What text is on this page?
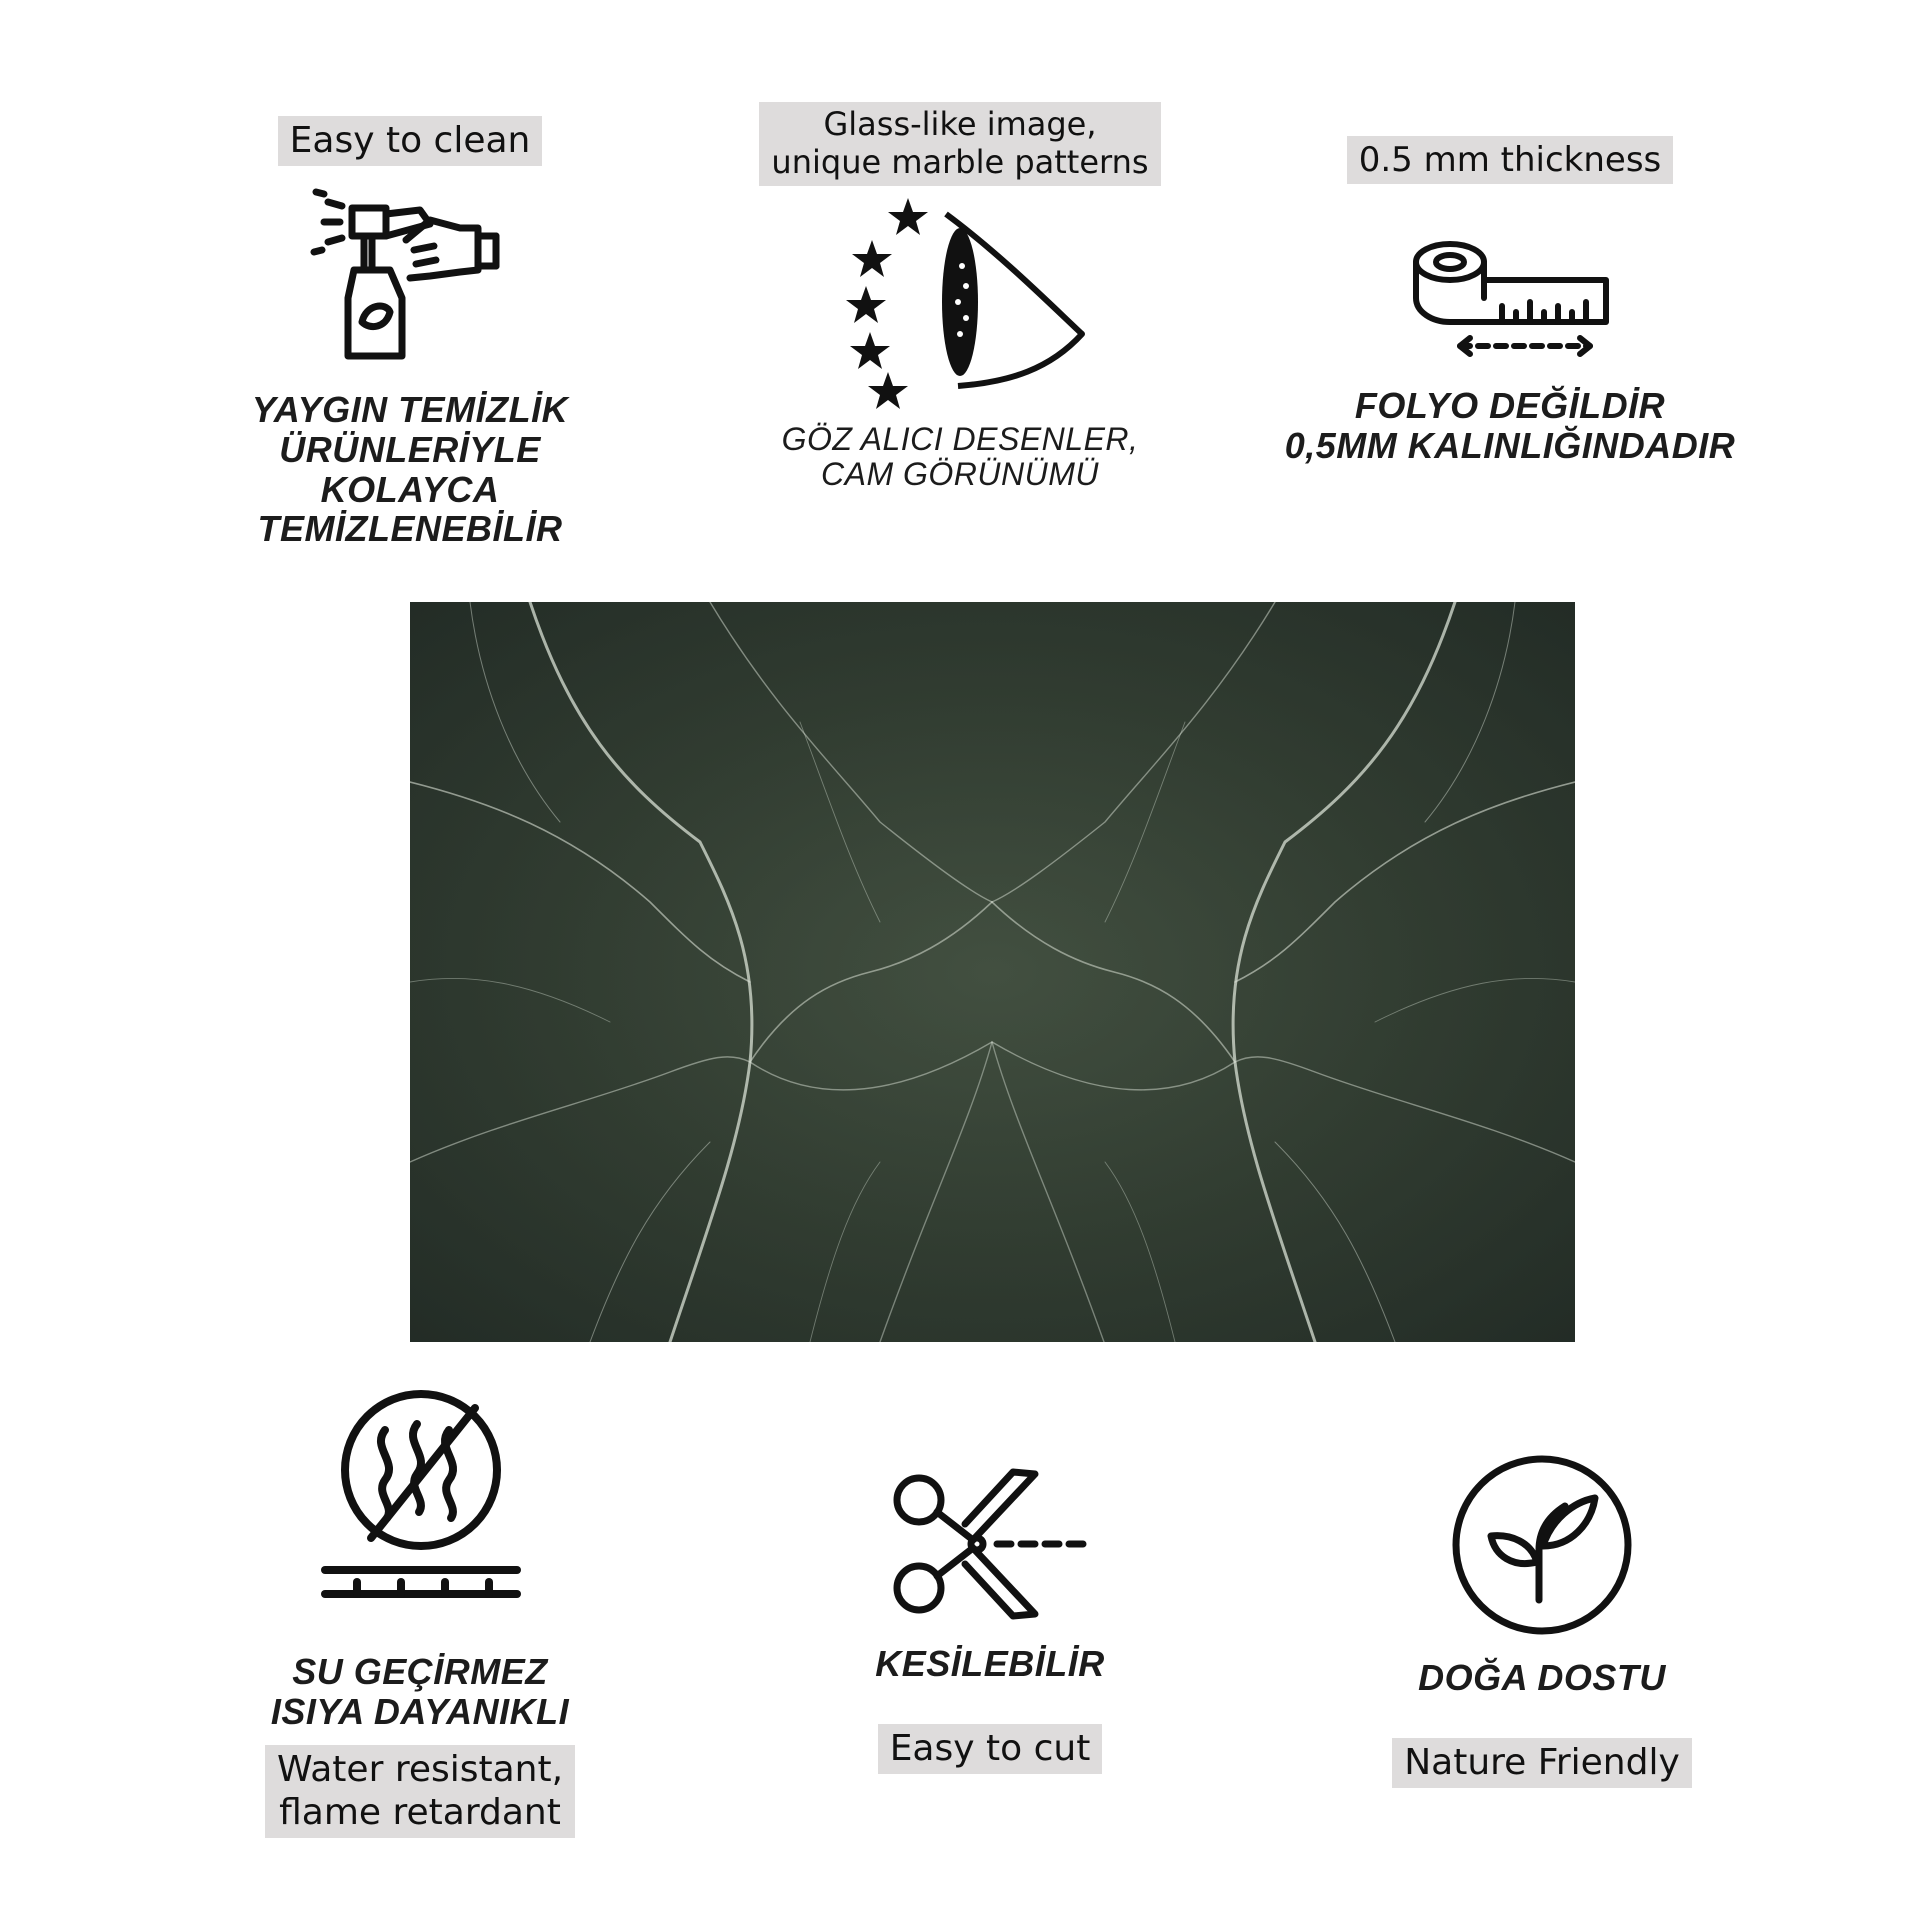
Easy to clean
YAYGIN TEMİZLİK
ÜRÜNLERİYLE
KOLAYCA
TEMİZLENEBİLİR
Glass-like image,
unique marble patterns
GÖZ ALICI DESENLER,
CAM GÖRÜNÜMÜ
0.5 mm thickness
FOLYO DEĞİLDİR
0,5MM KALINLIĞINDADIR
SU GEÇİRMEZ
ISIYA DAYANIKLI
Water resistant,
flame retardant
KESİLEBİLİR
Easy to cut
DOĞA DOSTU
Nature Friendly
